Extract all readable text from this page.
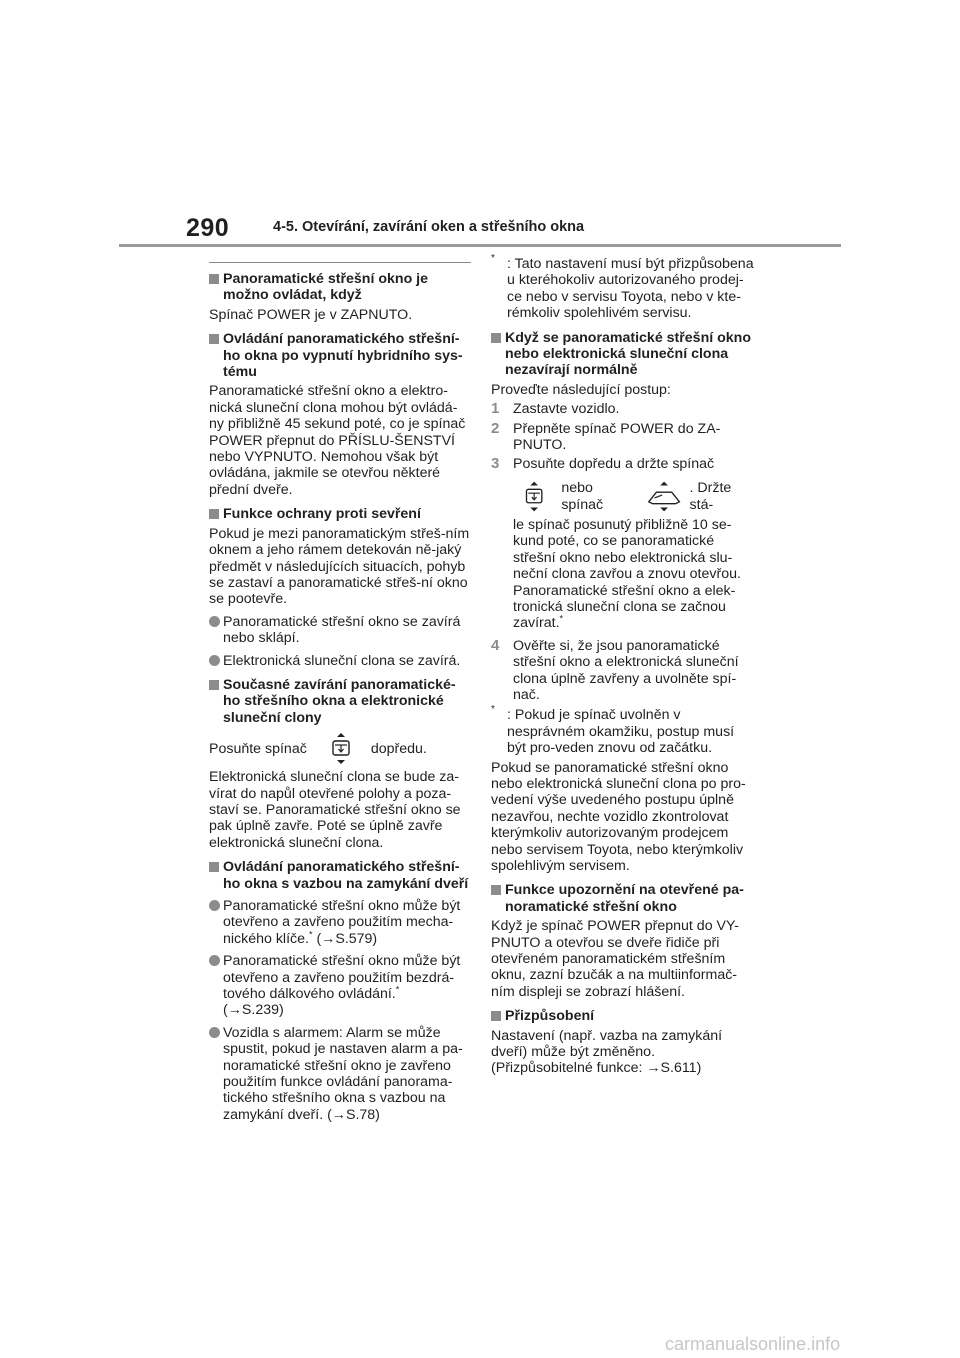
290	4-5. Otevírání, zavírání oken a střešního okna
Panoramatické střešní okno je možno ovládat, když
Spínač POWER je v ZAPNUTO.
Ovládání panoramatického střešní-ho okna po vypnutí hybridního sys-tému
Panoramatické střešní okno a elektro-nická sluneční clona mohou být ovládá-ny přibližně 45 sekund poté, co je spínač POWER přepnut do PŘÍSLU-ŠENSTVÍ nebo VYPNUTO. Nemohou však být ovládána, jakmile se otevřou některé přední dveře.
Funkce ochrany proti sevření
Pokud je mezi panoramatickým střeš-ním oknem a jeho rámem detekován ně-jaký předmět v následujících situacích, pohyb se zastaví a panoramatické střeš-ní okno se pootevře.
Panoramatické střešní okno se zavírá nebo sklápí.
Elektronická sluneční clona se zavírá.
Současné zavírání panoramatické-ho střešního okna a elektronické sluneční clony
Posuňte spínač	dopředu.
Elektronická sluneční clona se bude za-vírat do napůl otevřené polohy a poza-staví se. Panoramatické střešní okno se pak úplně zavře. Poté se úplně zavře elektronická sluneční clona.
Ovládání panoramatického střešní-ho okna s vazbou na zamykání dveří
Panoramatické střešní okno může být otevřeno a zavřeno použitím mecha-nického klíče.* (→S.579)
Panoramatické střešní okno může být otevřeno a zavřeno použitím bezdrá-tového dálkového ovládání.*
(→S.239)
Vozidla s alarmem: Alarm se může spustit, pokud je nastaven alarm a pa-noramatické střešní okno je zavřeno použitím funkce ovládání panorama-tického střešního okna s vazbou na zamykání dveří. (→S.78)
* : Tato nastavení musí být přizpůsobena u kteréhokoliv autorizovaného prodej-ce nebo v servisu Toyota, nebo v kte-rémkoliv spolehlivém servisu.
Když se panoramatické střešní okno nebo elektronická sluneční clona nezavírají normálně
Proveďte následující postup:
1 Zastavte vozidlo.
2 Přepněte spínač POWER do ZA-PNUTO.
3 Posuňte dopředu a držte spínač
nebo spínač
. Držte stá-
le spínač posunutý přibližně 10 se-kund poté, co se panoramatické střešní okno nebo elektronická slu-neční clona zavřou a znovu otevřou. Panoramatické střešní okno a elek-tronická sluneční clona se začnou zavírat.*
4 Ověřte si, že jsou panoramatické střešní okno a elektronická sluneční clona úplně zavřeny a uvolněte spí-nač.
* : Pokud je spínač uvolněn v nesprávném okamžiku, postup musí být pro-veden znovu od začátku.
Pokud se panoramatické střešní okno nebo elektronická sluneční clona po pro-vedení výše uvedeného postupu úplně nezavřou, nechte vozidlo zkontrolovat kterýmkoliv autorizovaným prodejcem nebo servisem Toyota, nebo kterýmkoliv spolehlivým servisem.
Funkce upozornění na otevřené pa-noramatické střešní okno
Když je spínač POWER přepnut do VY-PNUTO a otevřou se dveře řidiče při otevřeném panoramatickém střešním oknu, zazní bzučák a na multiinformač-ním displeji se zobrazí hlášení.
Přizpůsobení
Nastavení (např. vazba na zamykání dveří) může být změněno.
(Přizpůsobitelné funkce: →S.611)
carmanualsonline.info
